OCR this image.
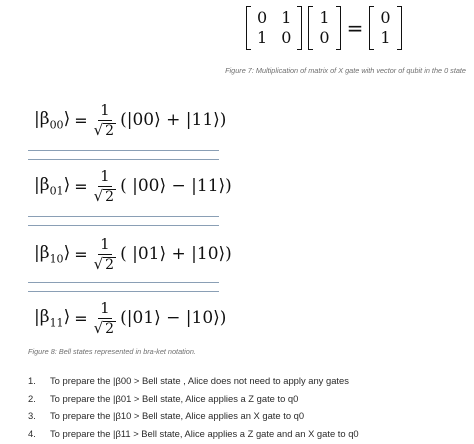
0	1
1	0
1
0 =	0
1
Figure 7: Multiplication of matrix of X gate with vector of qubit in the 0 state
$|\beta_{00}⟩ = \frac{1}{√ 2}$ (|00⟩ + |11⟩)
$|\beta_{01}⟩ = \frac{1}{√ 2}$ ( |00⟩ − |11⟩)
$|\beta_{10}⟩ = \frac{1}{√ 2}$ ( |01⟩ + |10⟩)
$|\beta_{11}⟩ = \frac{1}{√ 2}$ (|01⟩ − |10⟩)
Figure 8: Bell states represented in bra-ket notation.
1.	To prepare the |β00 > Bell state , Alice does not need to apply any gates
2.	To prepare the |β01 > Bell state, Alice applies a Z gate to q0
3.	To prepare the |β10 > Bell state, Alice applies an X gate to q0
4.	To prepare the |β11 > Bell state, Alice applies a Z gate and an X gate to q0
